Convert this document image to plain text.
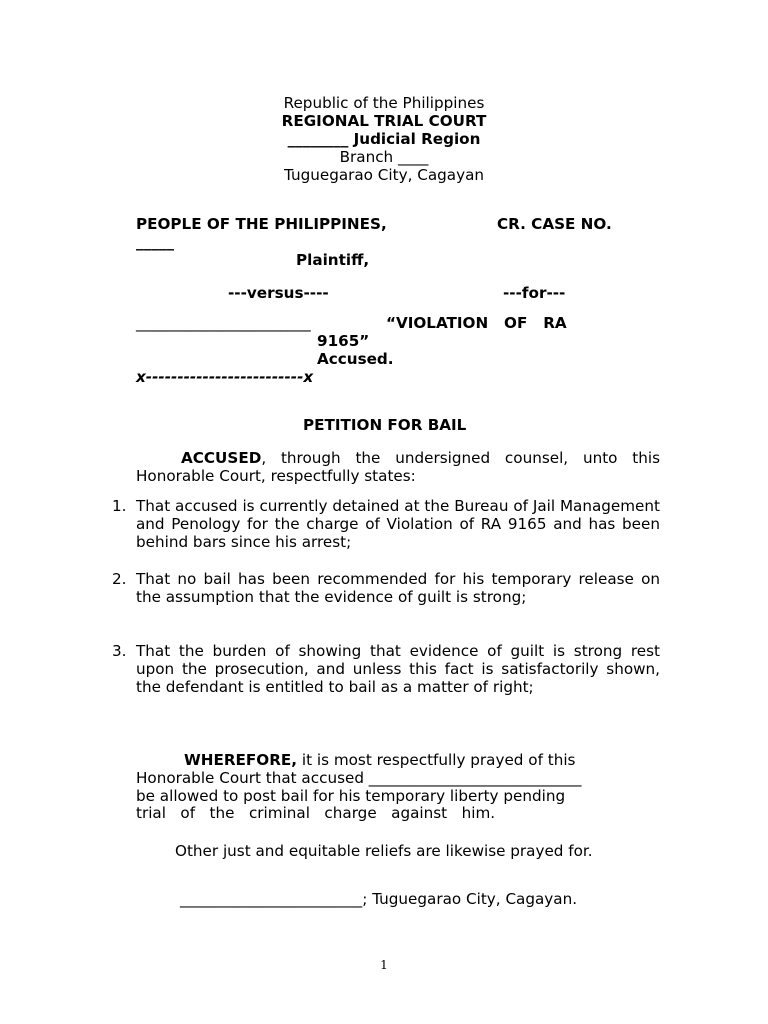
Republic of the Philippines
REGIONAL TRIAL COURT
________ Judicial Region
Branch ____
Tuguegarao City, Cagayan
PEOPLE OF THE PHILIPPINES,	CR. CASE NO.
_____
Plaintiff,
---versus----	---for---
_______________________	“VIOLATION   OF   RA
9165”
Accused.
x-------------------------x
PETITION FOR BAIL
ACCUSED, through the undersigned counsel, unto this Honorable Court, respectfully states:
1. That accused is currently detained at the Bureau of Jail Management and Penology for the charge of Violation of RA 9165 and has been behind bars since his arrest;
2. That no bail has been recommended for his temporary release on the assumption that the evidence of guilt is strong;
3. That the burden of showing that evidence of guilt is strong rest upon the prosecution, and unless this fact is satisfactorily shown, the defendant is entitled to bail as a matter of right;
WHEREFORE, it is most respectfully prayed of this
Honorable Court that accused ____________________________
be allowed to post bail for his temporary liberty pending
trial   of   the   criminal   charge   against   him.
Other just and equitable reliefs are likewise prayed for.
________________________; Tuguegarao City, Cagayan.
1
